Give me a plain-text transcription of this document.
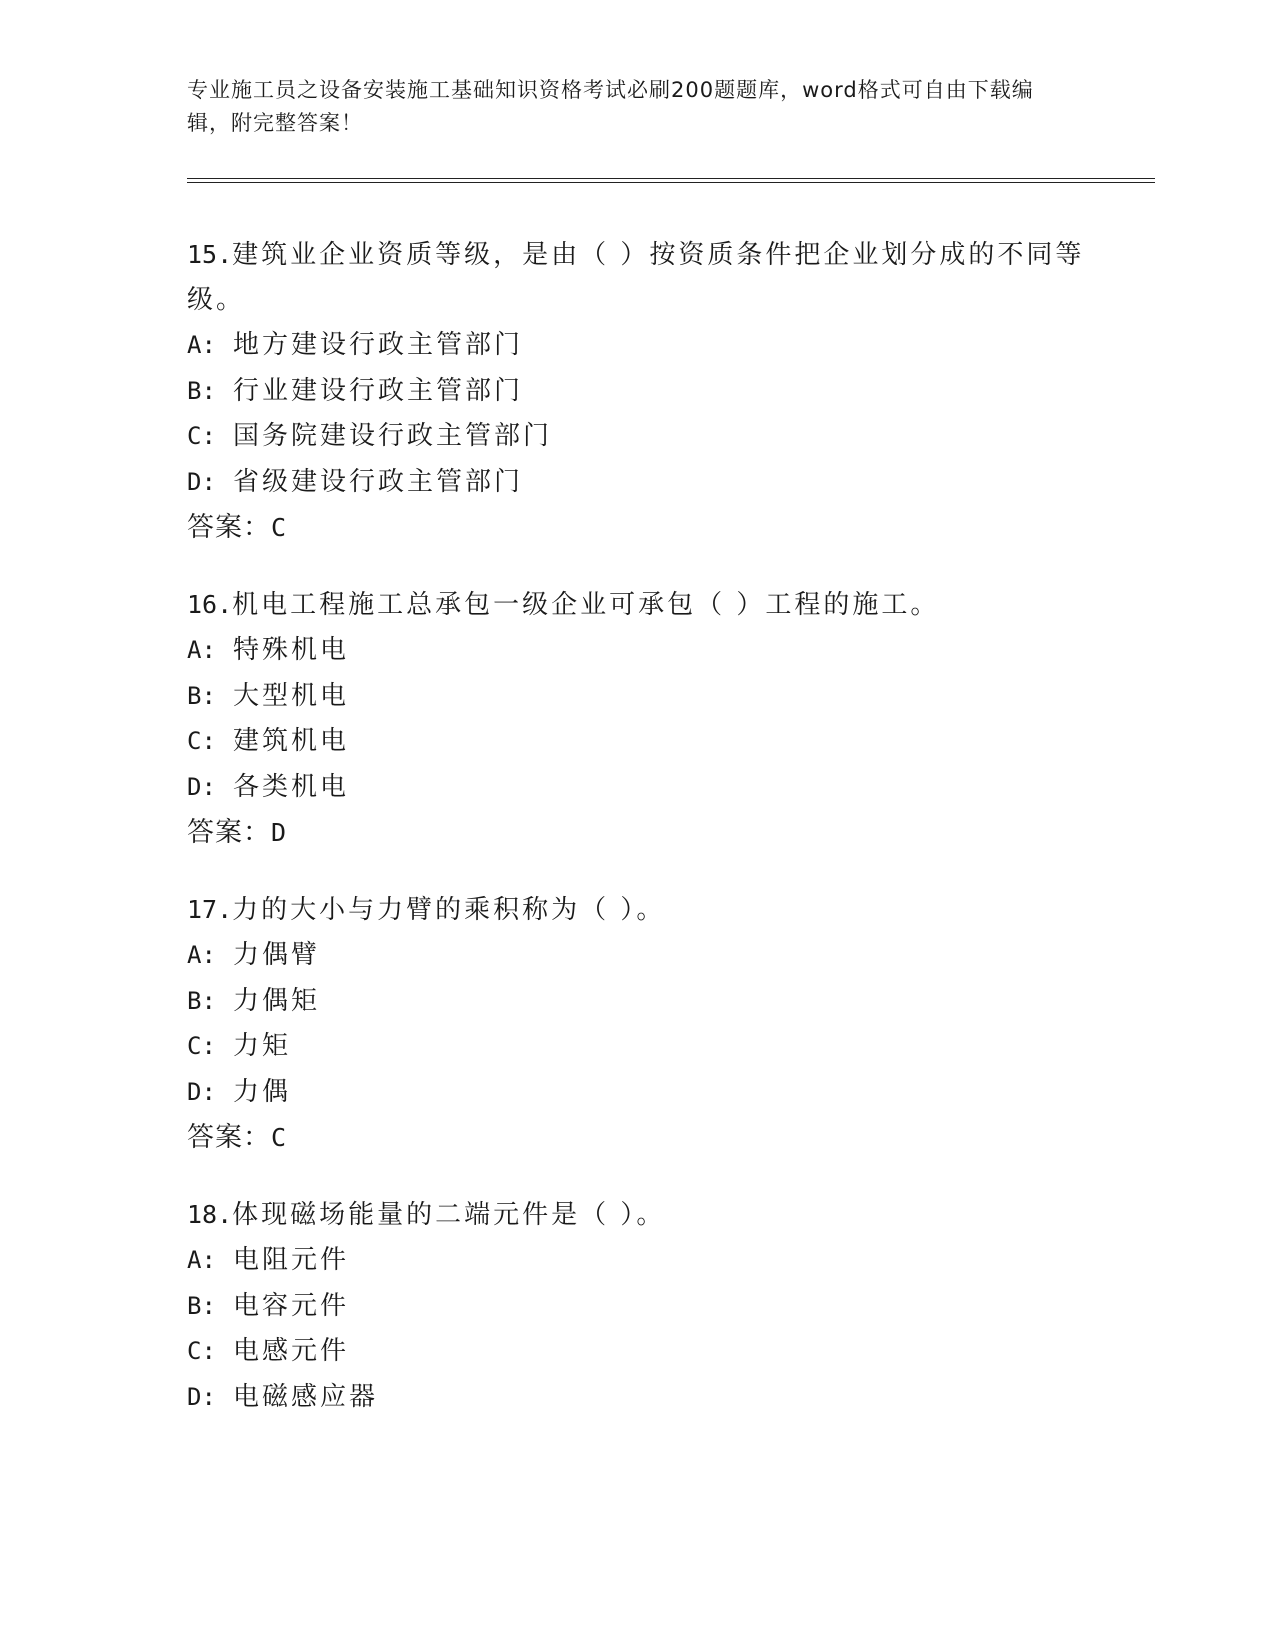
专业施工员之设备安装施工基础知识资格考试必刷200题题库，word格式可自由下载编辑，附完整答案！

15.建筑业企业资质等级，是由（ ）按资质条件把企业划分成的不同等级。

A: 地方建设行政主管部门

B: 行业建设行政主管部门

C: 国务院建设行政主管部门

D: 省级建设行政主管部门

答案：C

16.机电工程施工总承包一级企业可承包（ ）工程的施工。

A: 特殊机电

B: 大型机电

C: 建筑机电

D: 各类机电

答案：D

17.力的大小与力臂的乘积称为（ ）。

A: 力偶臂

B: 力偶矩

C: 力矩

D: 力偶

答案：C

18.体现磁场能量的二端元件是（ ）。

A: 电阻元件

B: 电容元件

C: 电感元件

D: 电磁感应器
